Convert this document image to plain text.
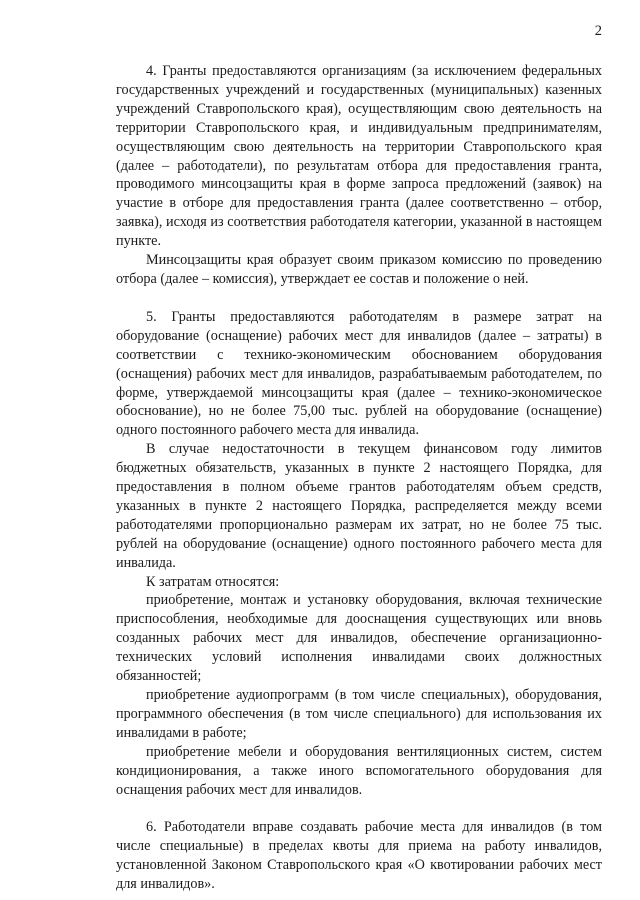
2

4. Гранты предоставляются организациям (за исключением федеральных государственных учреждений и государственных (муниципальных) казенных учреждений Ставропольского края), осуществляющим свою деятельность на территории Ставропольского края, и индивидуальным предпринимателям, осуществляющим свою деятельность на территории Ставропольского края (далее – работодатели), по результатам отбора для предоставления гранта, проводимого минсоцзащиты края в форме запроса предложений (заявок) на участие в отборе для предоставления гранта (далее соответственно – отбор, заявка), исходя из соответствия работодателя категории, указанной в настоящем пункте.

Минсоцзащиты края образует своим приказом комиссию по проведению отбора (далее – комиссия), утверждает ее состав и положение о ней.

5. Гранты предоставляются работодателям в размере затрат на оборудование (оснащение) рабочих мест для инвалидов (далее – затраты) в соответствии с технико-экономическим обоснованием оборудования (оснащения) рабочих мест для инвалидов, разрабатываемым работодателем, по форме, утверждаемой минсоцзащиты края (далее – технико-экономическое обоснование), но не более 75,00 тыс. рублей на оборудование (оснащение) одного постоянного рабочего места для инвалида.

В случае недостаточности в текущем финансовом году лимитов бюджетных обязательств, указанных в пункте 2 настоящего Порядка, для предоставления в полном объеме грантов работодателям объем средств, указанных в пункте 2 настоящего Порядка, распределяется между всеми работодателями пропорционально размерам их затрат, но не более 75 тыс. рублей на оборудование (оснащение) одного постоянного рабочего места для инвалида.

К затратам относятся:

приобретение, монтаж и установку оборудования, включая технические приспособления, необходимые для дооснащения существующих или вновь созданных рабочих мест для инвалидов, обеспечение организационно-технических условий исполнения инвалидами своих должностных обязанностей;

приобретение аудиопрограмм (в том числе специальных), оборудования, программного обеспечения (в том числе специального) для использования их инвалидами в работе;

приобретение мебели и оборудования вентиляционных систем, систем кондиционирования, а также иного вспомогательного оборудования для оснащения рабочих мест для инвалидов.

6. Работодатели вправе создавать рабочие места для инвалидов (в том числе специальные) в пределах квоты для приема на работу инвалидов, установленной Законом Ставропольского края «О квотировании рабочих мест для инвалидов».
